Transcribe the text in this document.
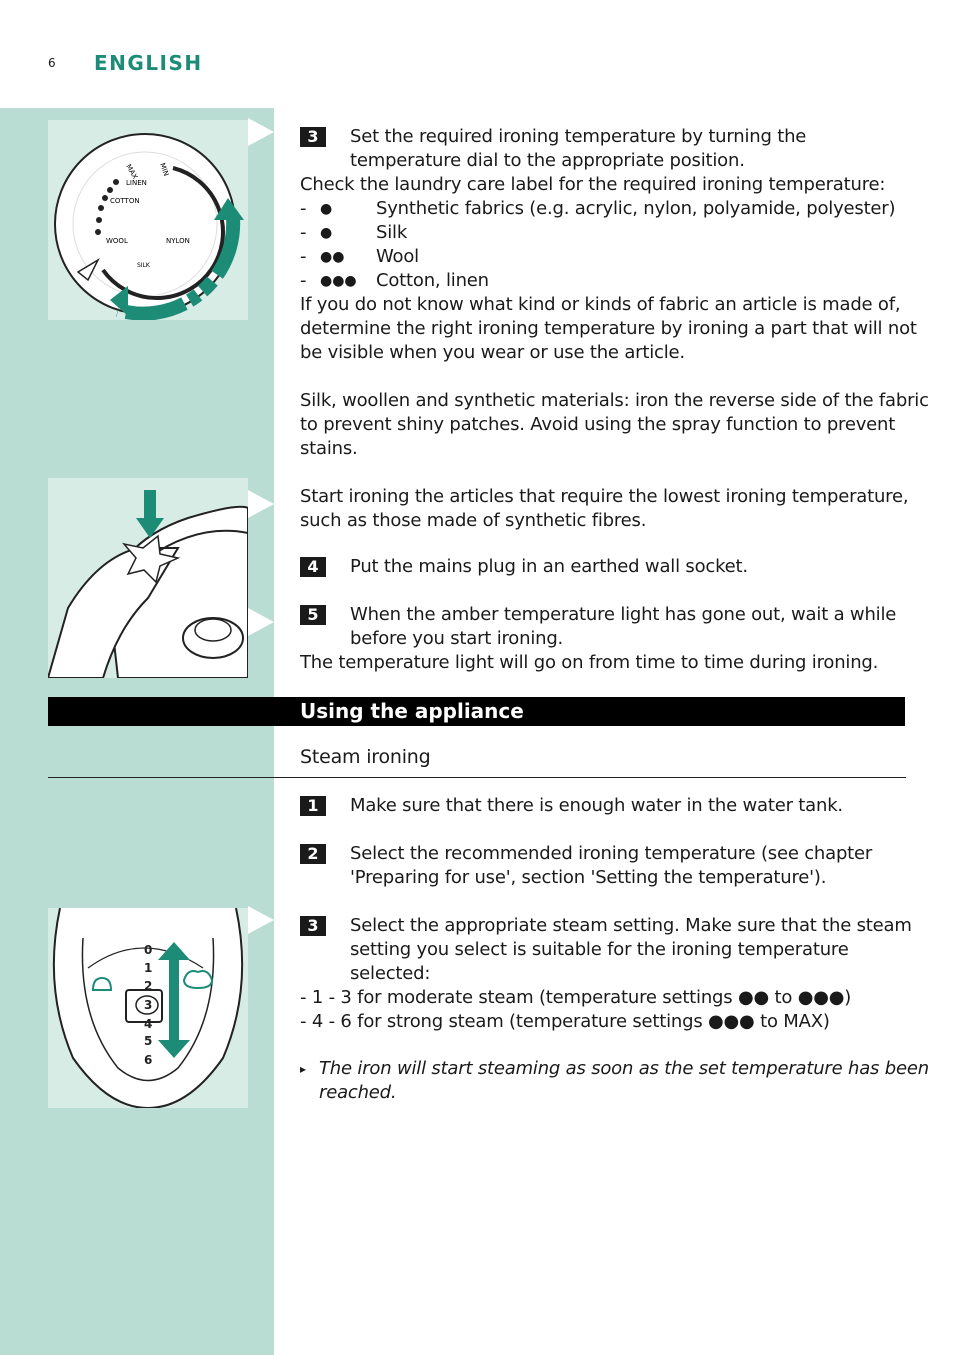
6 ENGLISH
MAX	MIN
LINEN
COTTON
WOOL	NYLON
SILK
0
1
2
3
4
5
6
3	Set the required ironing temperature by turning the
temperature dial to the appropriate position.
Check the laundry care label for the required ironing temperature:
- ● Synthetic fabrics (e.g. acrylic, nylon, polyamide, polyester)
- ● Silk
- ●● Wool
- ●●● Cotton, linen
If you do not know what kind or kinds of fabric an article is made of,
determine the right ironing temperature by ironing a part that will not
be visible when you wear or use the article.
Silk, woollen and synthetic materials: iron the reverse side of the fabric
to prevent shiny patches. Avoid using the spray function to prevent
stains.
Start ironing the articles that require the lowest ironing temperature,
such as those made of synthetic fibres.
4	Put the mains plug in an earthed wall socket.
5	When the amber temperature light has gone out, wait a while
before you start ironing.
The temperature light will go on from time to time during ironing.
Using the appliance
Steam ironing
1	Make sure that there is enough water in the water tank.
2	Select the recommended ironing temperature (see chapter
'Preparing for use', section 'Setting the temperature').
3	Select the appropriate steam setting. Make sure that the steam
setting you select is suitable for the ironing temperature
selected:
- 1 - 3 for moderate steam (temperature settings ●● to ●●●)
- 4 - 6 for strong steam (temperature settings ●●● to MAX)
▸ The iron will start steaming as soon as the set temperature has been
reached.
